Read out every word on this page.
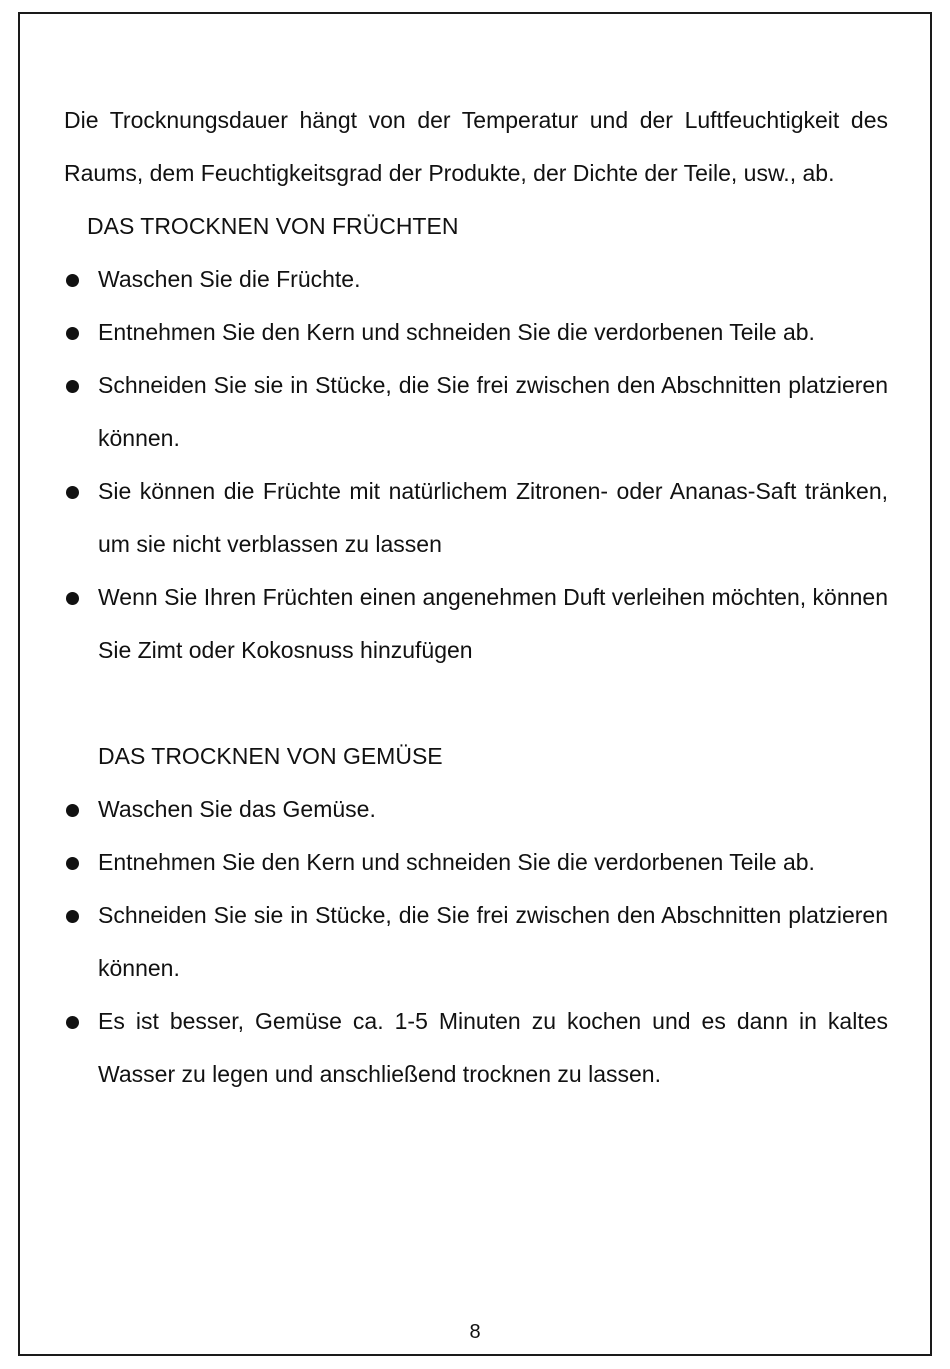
Die Trocknungsdauer hängt von der Temperatur und der Luftfeuchtigkeit des Raums, dem Feuchtigkeitsgrad der Produkte, der Dichte der Teile, usw., ab.

DAS TROCKNEN VON FRÜCHTEN

Waschen Sie die Früchte.
Entnehmen Sie den Kern und schneiden Sie die verdorbenen Teile ab.
Schneiden Sie sie in Stücke, die Sie frei zwischen den Abschnitten platzieren können.
Sie können die Früchte mit natürlichem Zitronen- oder Ananas-Saft tränken, um sie nicht verblassen zu lassen
Wenn Sie Ihren Früchten einen angenehmen Duft verleihen möchten, können Sie Zimt oder Kokosnuss hinzufügen

DAS TROCKNEN VON GEMÜSE

Waschen Sie das Gemüse.
Entnehmen Sie den Kern und schneiden Sie die verdorbenen Teile ab.
Schneiden Sie sie in Stücke, die Sie frei zwischen den Abschnitten platzieren können.
Es ist besser, Gemüse ca. 1-5 Minuten zu kochen und es dann in kaltes Wasser zu legen und anschließend trocknen zu lassen.
8
